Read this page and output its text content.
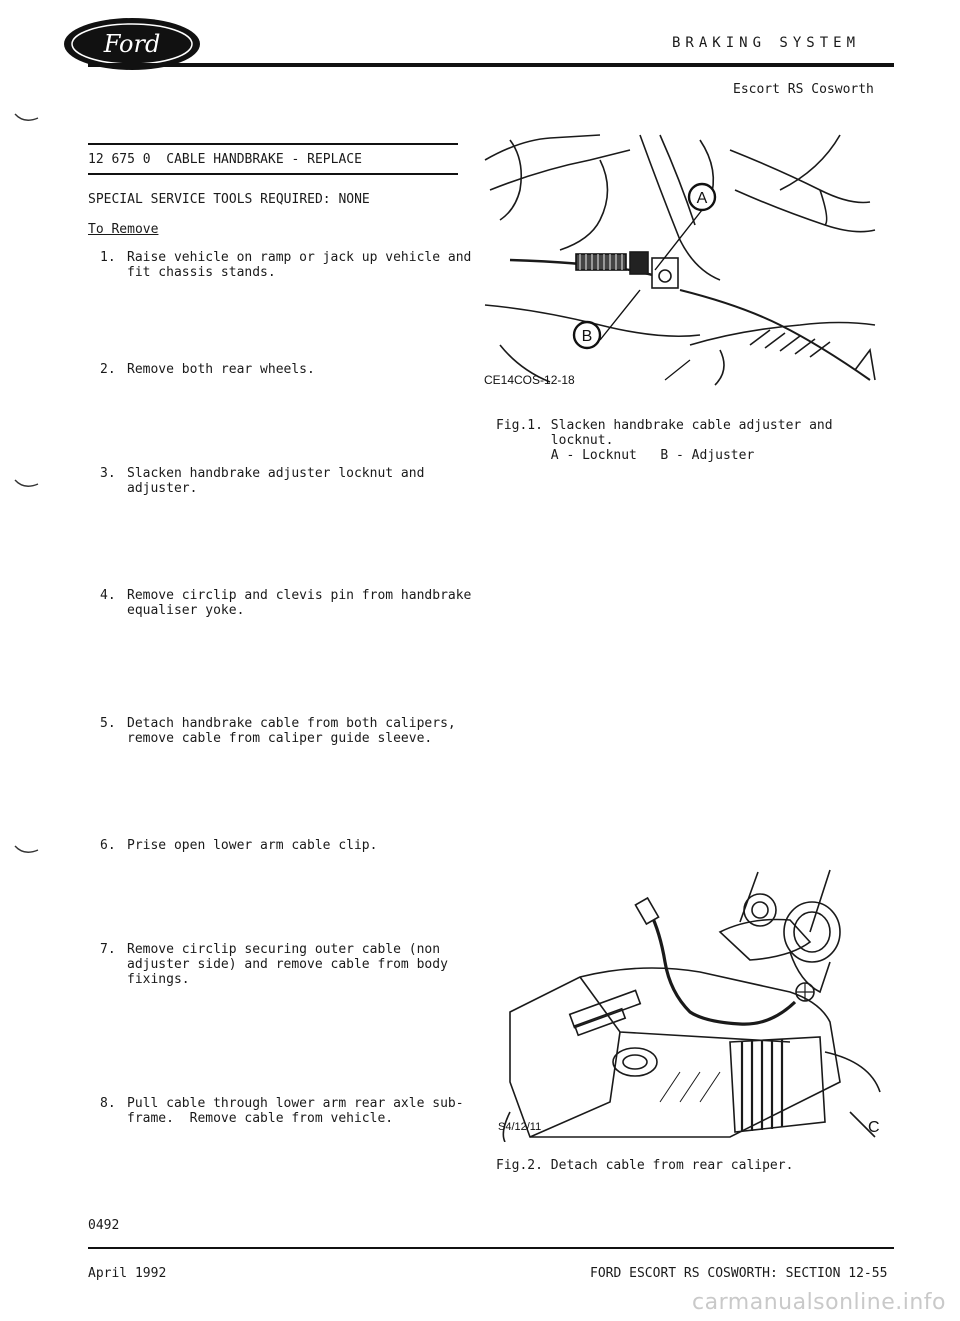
Ford	BRAKING SYSTEM
Escort RS Cosworth
12 675 0  CABLE HANDBRAKE - REPLACE
SPECIAL SERVICE TOOLS REQUIRED: NONE
To Remove

1.

Raise vehicle on ramp or jack up vehicle and
fit chassis stands.

2.

Remove both rear wheels.

3.

Slacken handbrake adjuster locknut and
adjuster.

4.

Remove circlip and clevis pin from handbrake
equaliser yoke.

5.

Detach handbrake cable from both calipers,
remove cable from caliper guide sleeve.

6.

Prise open lower arm cable clip.

7.

Remove circlip securing outer cable (non
adjuster side) and remove cable from body
fixings.

8.

Pull cable through lower arm rear axle sub-
frame.  Remove cable from vehicle.

A
B
CE14COS-12-18
Fig.1. Slacken handbrake cable adjuster and
locknut.
A - Locknut   B - Adjuster
S4/12/11	C
Fig.2. Detach cable from rear caliper.
0492
April 1992	FORD ESCORT RS COSWORTH: SECTION 12-55
carmanualsonline.info
